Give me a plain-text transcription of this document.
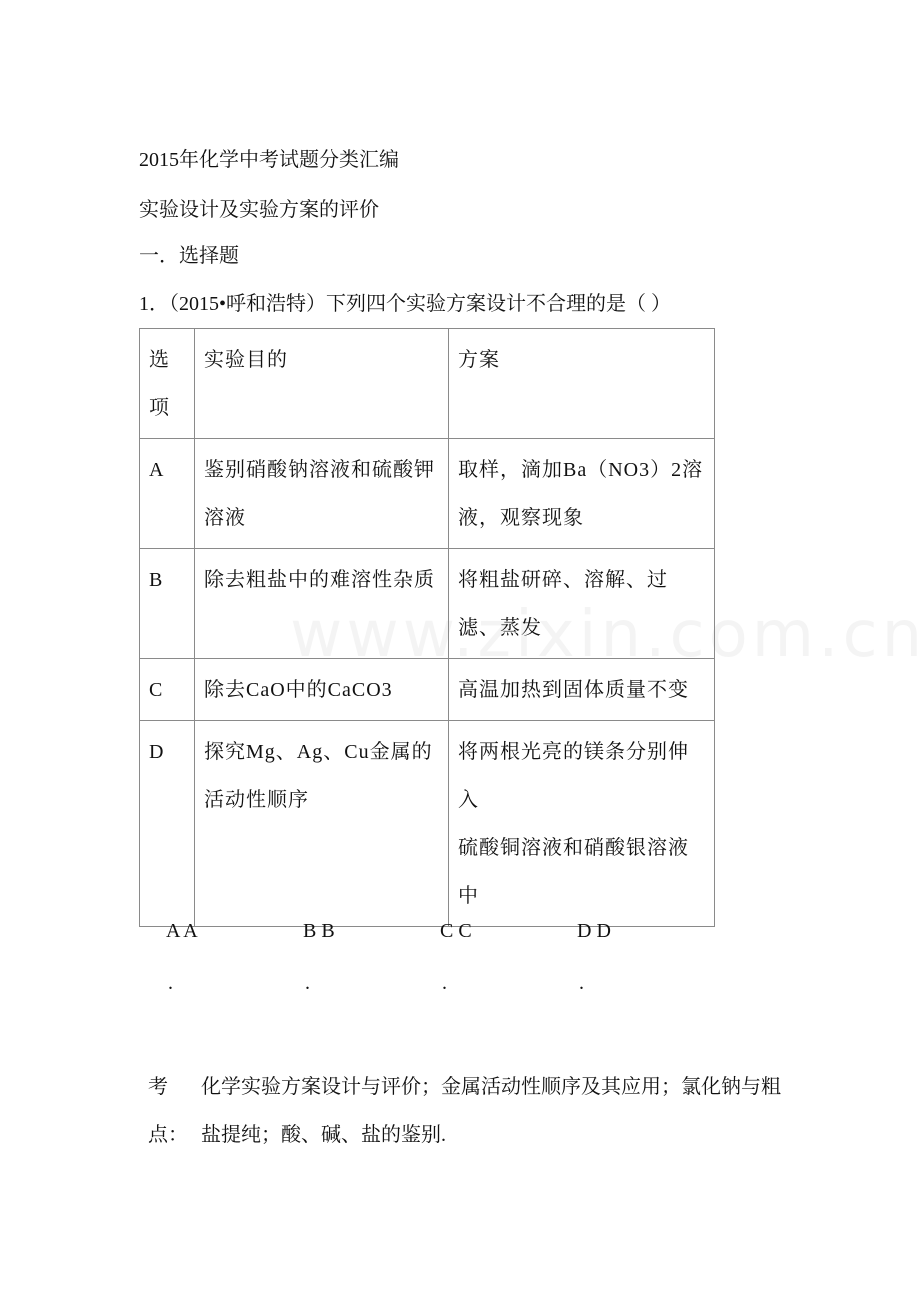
2015年化学中考试题分类汇编
实验设计及实验方案的评价
一．选择题
1．（2015•呼和浩特）下列四个实验方案设计不合理的是（ ）
选项	实验目的	方案
A	鉴别硝酸钠溶液和硫酸钾溶液	取样，滴加Ba（NO3）2溶液，观察现象
B	除去粗盐中的难溶性杂质	将粗盐研碎、溶解、过滤、蒸发
C	除去CaO中的CaCO3	高温加热到固体质量不变
D	探究Mg、Ag、Cu金属的活动性顺序	将两根光亮的镁条分别伸入
硫酸铜溶液和硝酸银溶液中
A A
.
B B
.
C C
.
D D
.
考点：
化学实验方案设计与评价；金属活动性顺序及其应用；氯化钠与粗盐提纯；酸、碱、盐的鉴别.
